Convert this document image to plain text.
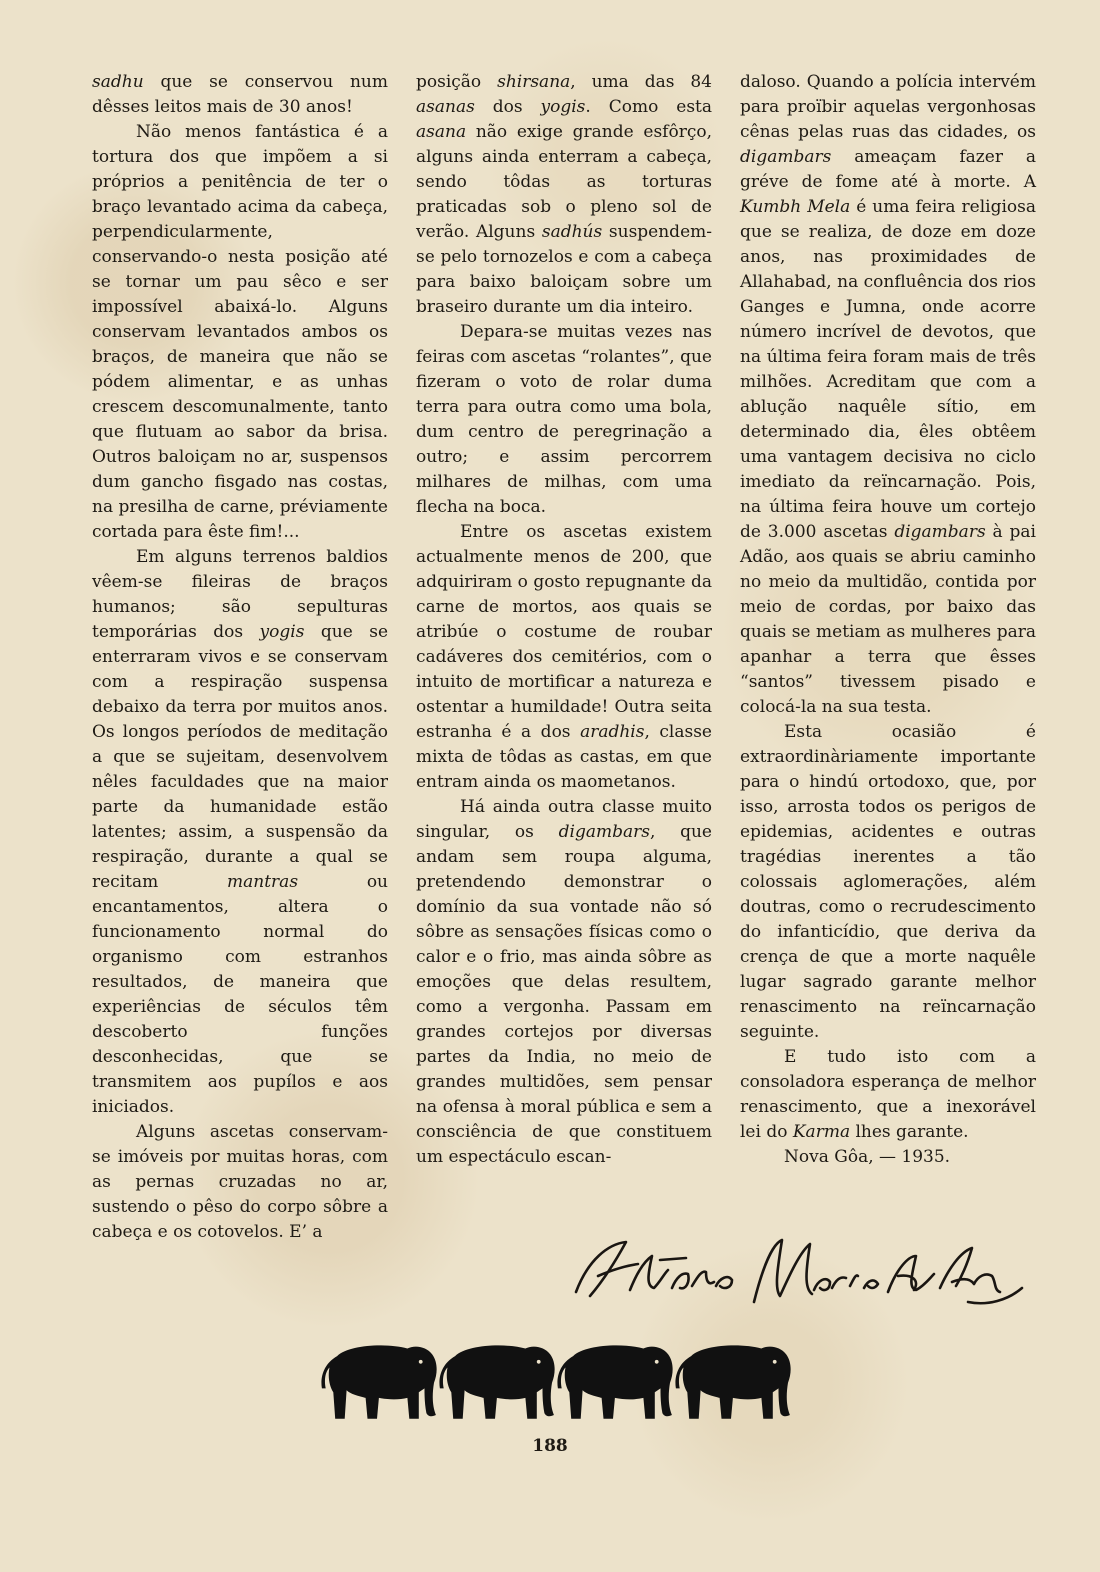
sadhu que se conservou num dêsses leitos mais de 30 anos!

Não menos fantástica é a tortura dos que impõem a si próprios a penitência de ter o braço levantado acima da cabeça, perpendicularmente, conservando-o nesta posição até se tornar um pau sêco e ser impossível abaixá-lo. Alguns conservam levantados ambos os braços, de maneira que não se pódem alimentar, e as unhas crescem descomunalmente, tanto que flutuam ao sabor da brisa. Outros baloiçam no ar, suspensos dum gancho fisgado nas costas, na presilha de carne, préviamente cortada para êste fim!...

Em alguns terrenos baldios vêem-se fileiras de braços humanos; são sepulturas temporárias dos yogis que se enterraram vivos e se conservam com a respiração suspensa debaixo da terra por muitos anos. Os longos períodos de meditação a que se sujeitam, desenvolvem nêles faculdades que na maior parte da humanidade estão latentes; assim, a suspensão da respiração, durante a qual se recitam mantras ou encantamentos, altera o funcionamento normal do organismo com estranhos resultados, de maneira que experiências de séculos têm descoberto funções desconhecidas, que se transmitem aos pupílos e aos iniciados.

Alguns ascetas conservam-se imóveis por muitas horas, com as pernas cruzadas no ar, sustendo o pêso do corpo sôbre a cabeça e os cotovelos. E’ a

posição shirsana, uma das 84 asanas dos yogis. Como esta asana não exige grande esfôrço, alguns ainda enterram a cabeça, sendo tôdas as torturas praticadas sob o pleno sol de verão. Alguns sadhús suspendem-se pelo tornozelos e com a cabeça para baixo baloiçam sobre um braseiro durante um dia inteiro.

Depara-se muitas vezes nas feiras com ascetas “rolantes”, que fizeram o voto de rolar duma terra para outra como uma bola, dum centro de peregrinação a outro; e assim percorrem milhares de milhas, com uma flecha na boca.

Entre os ascetas existem actualmente menos de 200, que adquiriram o gosto repugnante da carne de mortos, aos quais se atribúe o costume de roubar cadáveres dos cemitérios, com o intuito de mortificar a natureza e ostentar a humildade! Outra seita estranha é a dos aradhis, classe mixta de tôdas as castas, em que entram ainda os maometanos.

Há ainda outra classe muito singular, os digambars, que andam sem roupa alguma, pretendendo demonstrar o domínio da sua vontade não só sôbre as sensações físicas como o calor e o frio, mas ainda sôbre as emoções que delas resultem, como a vergonha. Passam em grandes cortejos por diversas partes da India, no meio de grandes multidões, sem pensar na ofensa à moral pública e sem a consciência de que constituem um espectáculo escan-

daloso. Quando a polícia intervém para proïbir aquelas vergonhosas cênas pelas ruas das cidades, os digambars ameaçam fazer a gréve de fome até à morte. A Kumbh Mela é uma feira religiosa que se realiza, de doze em doze anos, nas proximidades de Allahabad, na confluência dos rios Ganges e Jumna, onde acorre número incrível de devotos, que na última feira foram mais de três milhões. Acreditam que com a ablução naquêle sítio, em determinado dia, êles obtêem uma vantagem decisiva no ciclo imediato da reïncarnação. Pois, na última feira houve um cortejo de 3.000 ascetas digambars à pai Adão, aos quais se abriu caminho no meio da multidão, contida por meio de cordas, por baixo das quais se metiam as mulheres para apanhar a terra que êsses “santos” tivessem pisado e colocá-la na sua testa.

Esta ocasião é extraordinàriamente importante para o hindú ortodoxo, que, por isso, arrosta todos os perigos de epidemias, acidentes e outras tragédias inerentes a tão colossais aglomerações, além doutras, como o recrudescimento do infanticídio, que deriva da crença de que a morte naquêle lugar sagrado garante melhor renascimento na reïncarnação seguinte.

E tudo isto com a consoladora esperança de melhor renascimento, que a inexorável lei do Karma lhes garante.

Nova Gôa, — 1935.

188
